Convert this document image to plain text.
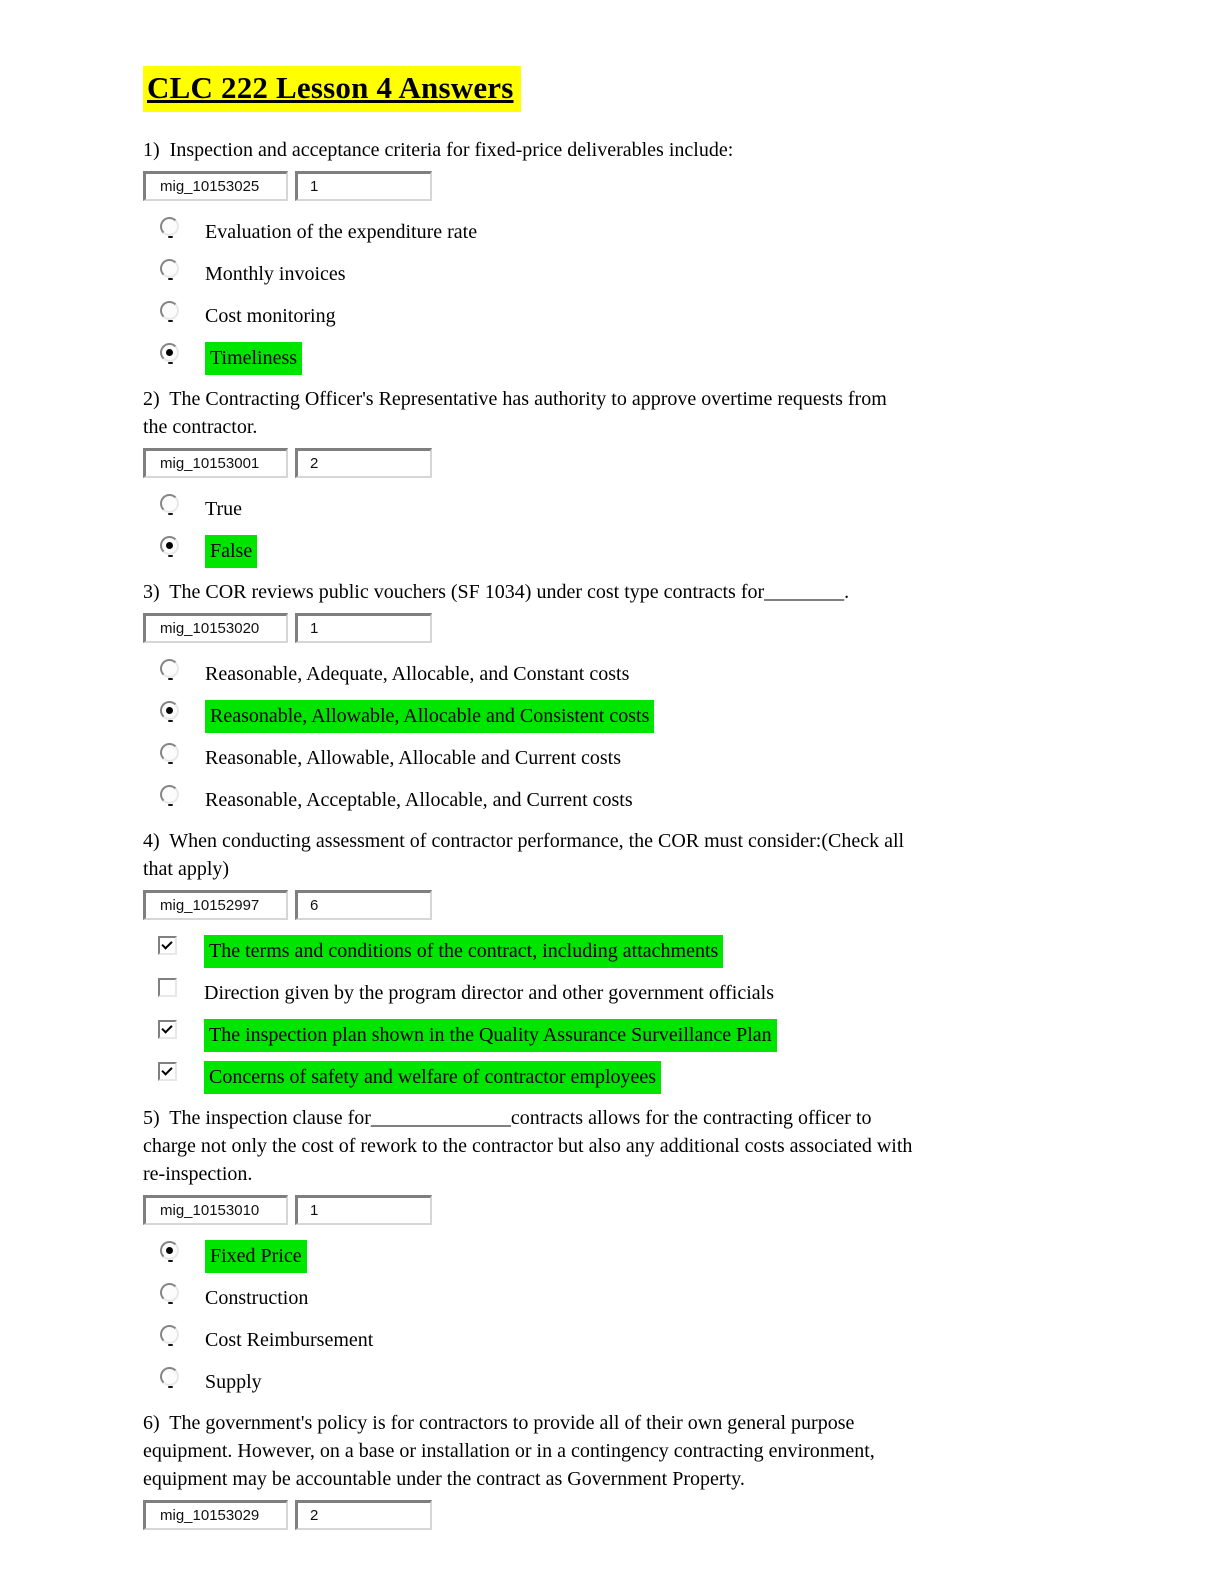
CLC 222 Lesson 4 Answers
1)  Inspection and acceptance criteria for fixed-price deliverables include:
mig_10153025	1
Evaluation of the expenditure rate
Monthly invoices
Cost monitoring
Timeliness
2)  The Contracting Officer's Representative has authority to approve overtime requests from
the contractor.
mig_10153001	2
True
False
3)  The COR reviews public vouchers (SF 1034) under cost type contracts for________.
mig_10153020	1
Reasonable, Adequate, Allocable, and Constant costs
Reasonable, Allowable, Allocable and Consistent costs
Reasonable, Allowable, Allocable and Current costs
Reasonable, Acceptable, Allocable, and Current costs
4)  When conducting assessment of contractor performance, the COR must consider:(Check all
that apply)
mig_10152997	6
The terms and conditions of the contract, including attachments
Direction given by the program director and other government officials
The inspection plan shown in the Quality Assurance Surveillance Plan
Concerns of safety and welfare of contractor employees
5)  The inspection clause for______________contracts allows for the contracting officer to
charge not only the cost of rework to the contractor but also any additional costs associated with
re-inspection.
mig_10153010	1
Fixed Price
Construction
Cost Reimbursement
Supply
6)  The government's policy is for contractors to provide all of their own general purpose
equipment. However, on a base or installation or in a contingency contracting environment,
equipment may be accountable under the contract as Government Property.
mig_10153029	2
